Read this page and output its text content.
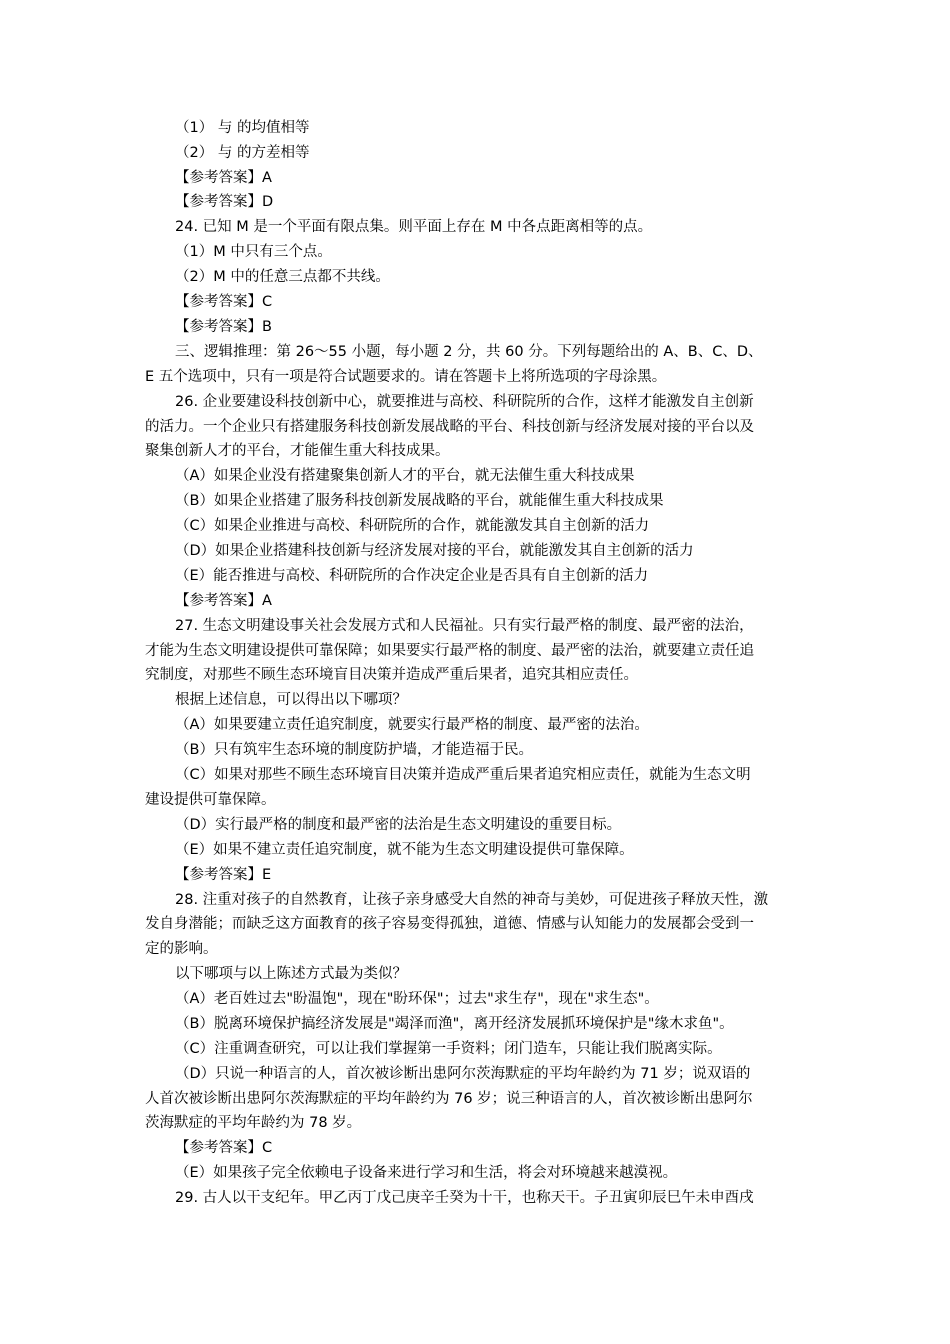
（1） 与 的均值相等
（2） 与 的方差相等
【参考答案】A
【参考答案】D
24. 已知 M 是一个平面有限点集。则平面上存在 M 中各点距离相等的点。
（1）M 中只有三个点。
（2）M 中的任意三点都不共线。
【参考答案】C
【参考答案】B
三、逻辑推理：第 26～55 小题，每小题 2 分，共 60 分。下列每题给出的 A、B、C、D、
E 五个选项中，只有一项是符合试题要求的。请在答题卡上将所选项的字母涂黑。
26. 企业要建设科技创新中心，就要推进与高校、科研院所的合作，这样才能激发自主创新
的活力。一个企业只有搭建服务科技创新发展战略的平台、科技创新与经济发展对接的平台以及
聚集创新人才的平台，才能催生重大科技成果。
（A）如果企业没有搭建聚集创新人才的平台，就无法催生重大科技成果
（B）如果企业搭建了服务科技创新发展战略的平台，就能催生重大科技成果
（C）如果企业推进与高校、科研院所的合作，就能激发其自主创新的活力
（D）如果企业搭建科技创新与经济发展对接的平台，就能激发其自主创新的活力
（E）能否推进与高校、科研院所的合作决定企业是否具有自主创新的活力
【参考答案】A
27. 生态文明建设事关社会发展方式和人民福祉。只有实行最严格的制度、最严密的法治，
才能为生态文明建设提供可靠保障；如果要实行最严格的制度、最严密的法治，就要建立责任追
究制度，对那些不顾生态环境盲目决策并造成严重后果者，追究其相应责任。
根据上述信息，可以得出以下哪项？
（A）如果要建立责任追究制度，就要实行最严格的制度、最严密的法治。
（B）只有筑牢生态环境的制度防护墙，才能造福于民。
（C）如果对那些不顾生态环境盲目决策并造成严重后果者追究相应责任，就能为生态文明
建设提供可靠保障。
（D）实行最严格的制度和最严密的法治是生态文明建设的重要目标。
（E）如果不建立责任追究制度，就不能为生态文明建设提供可靠保障。
【参考答案】E
28. 注重对孩子的自然教育，让孩子亲身感受大自然的神奇与美妙，可促进孩子释放天性，激
发自身潜能；而缺乏这方面教育的孩子容易变得孤独，道德、情感与认知能力的发展都会受到一
定的影响。
以下哪项与以上陈述方式最为类似？
（A）老百姓过去"盼温饱"，现在"盼环保"；过去"求生存"，现在"求生态"。
（B）脱离环境保护搞经济发展是"竭泽而渔"，离开经济发展抓环境保护是"缘木求鱼"。
（C）注重调查研究，可以让我们掌握第一手资料；闭门造车，只能让我们脱离实际。
（D）只说一种语言的人，首次被诊断出患阿尔茨海默症的平均年龄约为 71 岁；说双语的
人首次被诊断出患阿尔茨海默症的平均年龄约为 76 岁；说三种语言的人，首次被诊断出患阿尔
茨海默症的平均年龄约为 78 岁。
【参考答案】C
（E）如果孩子完全依赖电子设备来进行学习和生活，将会对环境越来越漠视。
29. 古人以干支纪年。甲乙丙丁戊己庚辛壬癸为十干，也称天干。子丑寅卯辰巳午未申酉戌
